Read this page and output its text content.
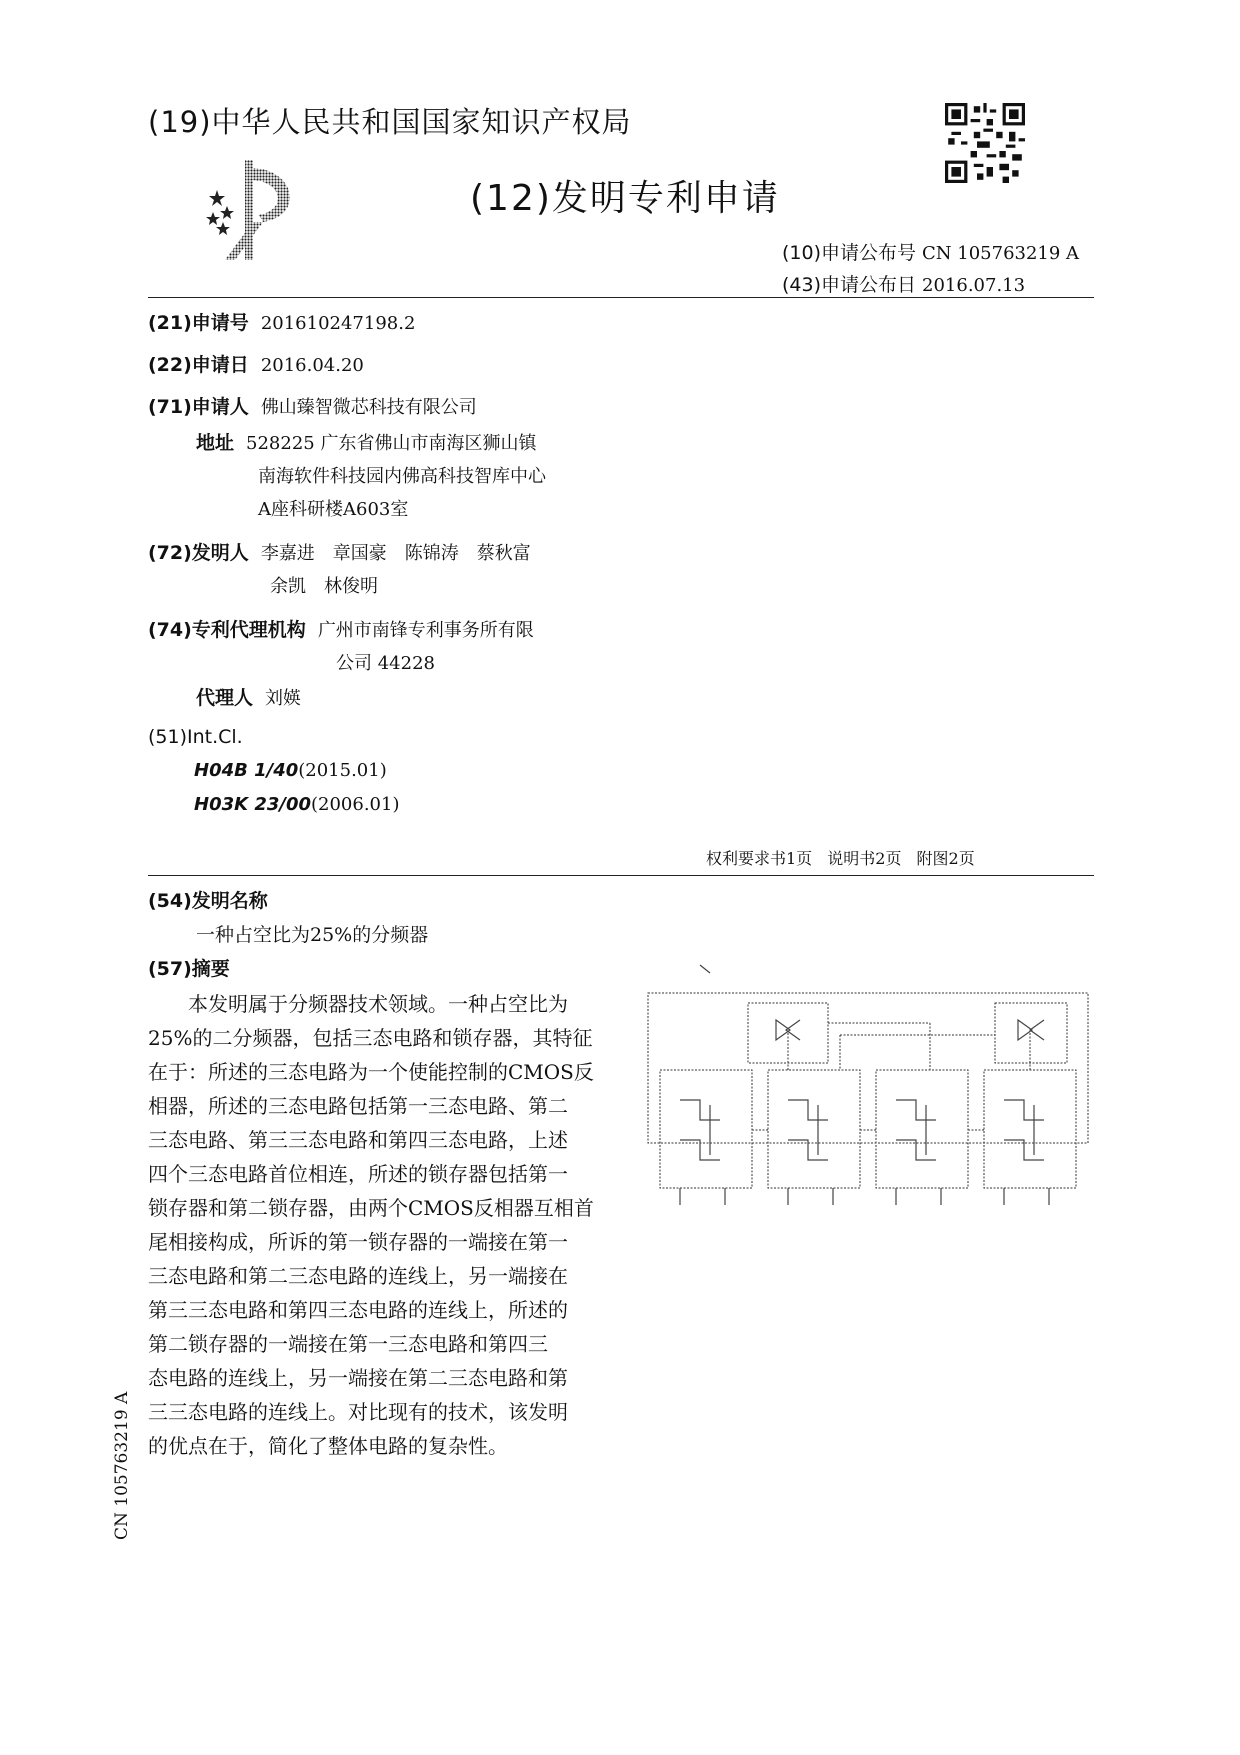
(19)中华人民共和国国家知识产权局
(12)发明专利申请
(10)申请公布号 CN 105763219 A
(43)申请公布日 2016.07.13
(21)申请号 201610247198.2
(22)申请日 2016.04.20
(71)申请人 佛山臻智微芯科技有限公司
地址 528225 广东省佛山市南海区狮山镇
南海软件科技园内佛高科技智库中心
A座科研楼A603室
(72)发明人 李嘉进　章国豪　陈锦涛　蔡秋富
余凯　林俊明
(74)专利代理机构 广州市南锋专利事务所有限
公司 44228
代理人 刘媖
(51)Int.Cl.
H04B 1/40(2015.01)
H03K 23/00(2006.01)
权利要求书1页 说明书2页 附图2页
(54)发明名称
一种占空比为25%的分频器
(57)摘要
　　本发明属于分频器技术领域。一种占空比为
25%的二分频器，包括三态电路和锁存器，其特征
在于：所述的三态电路为一个使能控制的CMOS反
相器，所述的三态电路包括第一三态电路、第二
三态电路、第三三态电路和第四三态电路，上述
四个三态电路首位相连，所述的锁存器包括第一
锁存器和第二锁存器，由两个CMOS反相器互相首
尾相接构成，所诉的第一锁存器的一端接在第一
三态电路和第二三态电路的连线上，另一端接在
第三三态电路和第四三态电路的连线上，所述的
第二锁存器的一端接在第一三态电路和第四三
态电路的连线上，另一端接在第二三态电路和第
三三态电路的连线上。对比现有的技术，该发明
的优点在于，简化了整体电路的复杂性。
CN 105763219 A
